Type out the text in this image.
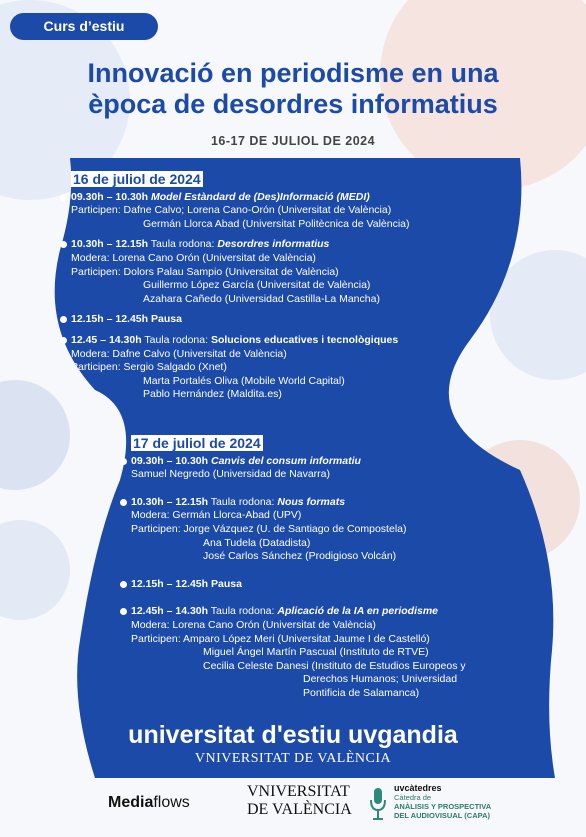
Curs d’estiu
Innovació en periodisme en una
època de desordres informatius
16-17 DE JULIOL DE 2024
16 de juliol de 2024
09.30h – 10.30h Model Estàndard de (Des)Informació (MEDI)
Participen: Dafne Calvo; Lorena Cano-Orón (Universitat de València)
Germán Llorca Abad (Universitat Politècnica de València)
10.30h – 12.15h Taula rodona: Desordres informatius
Modera: Lorena Cano Orón (Universitat de València)
Participen: Dolors Palau Sampio (Universitat de València)
Guillermo López García (Universitat de València)
Azahara Cañedo (Universidad Castilla-La Mancha)
12.15h – 12.45h Pausa
12.45 – 14.30h Taula rodona: Solucions educatives i tecnològiques
Modera: Dafne Calvo (Universitat de València)
Participen: Sergio Salgado (Xnet)
Marta Portalés Oliva (Mobile World Capital)
Pablo Hernández (Maldita.es)
17 de juliol de 2024
09.30h – 10.30h Canvis del consum informatiu
Samuel Negredo (Universidad de Navarra)
10.30h – 12.15h Taula rodona: Nous formats
Modera: Germán Llorca-Abad (UPV)
Participen: Jorge Vázquez (U. de Santiago de Compostela)
Ana Tudela (Datadista)
José Carlos Sánchez (Prodigioso Volcán)
12.15h – 12.45h Pausa
12.45h – 14.30h Taula rodona: Aplicació de la IA en periodisme
Modera: Lorena Cano Orón (Universitat de València)
Participen: Amparo López Meri (Universitat Jaume I de Castelló)
Miguel Ángel Martín Pascual (Instituto de RTVE)
Cecilia Celeste Danesi (Instituto de Estudios Europeos y
Derechos Humanos; Universidad
Pontificia de Salamanca)
universitat d'estiu uvgandia
VNIVERSITAT DE VALÈNCIA
Mediaflows
VNIVERSITAT
DE VALÈNCIA
uvcàtedres
Càtedra de
ANÀLISIS Y PROSPECTIVA
DEL AUDIOVISUAL (CAPA)
